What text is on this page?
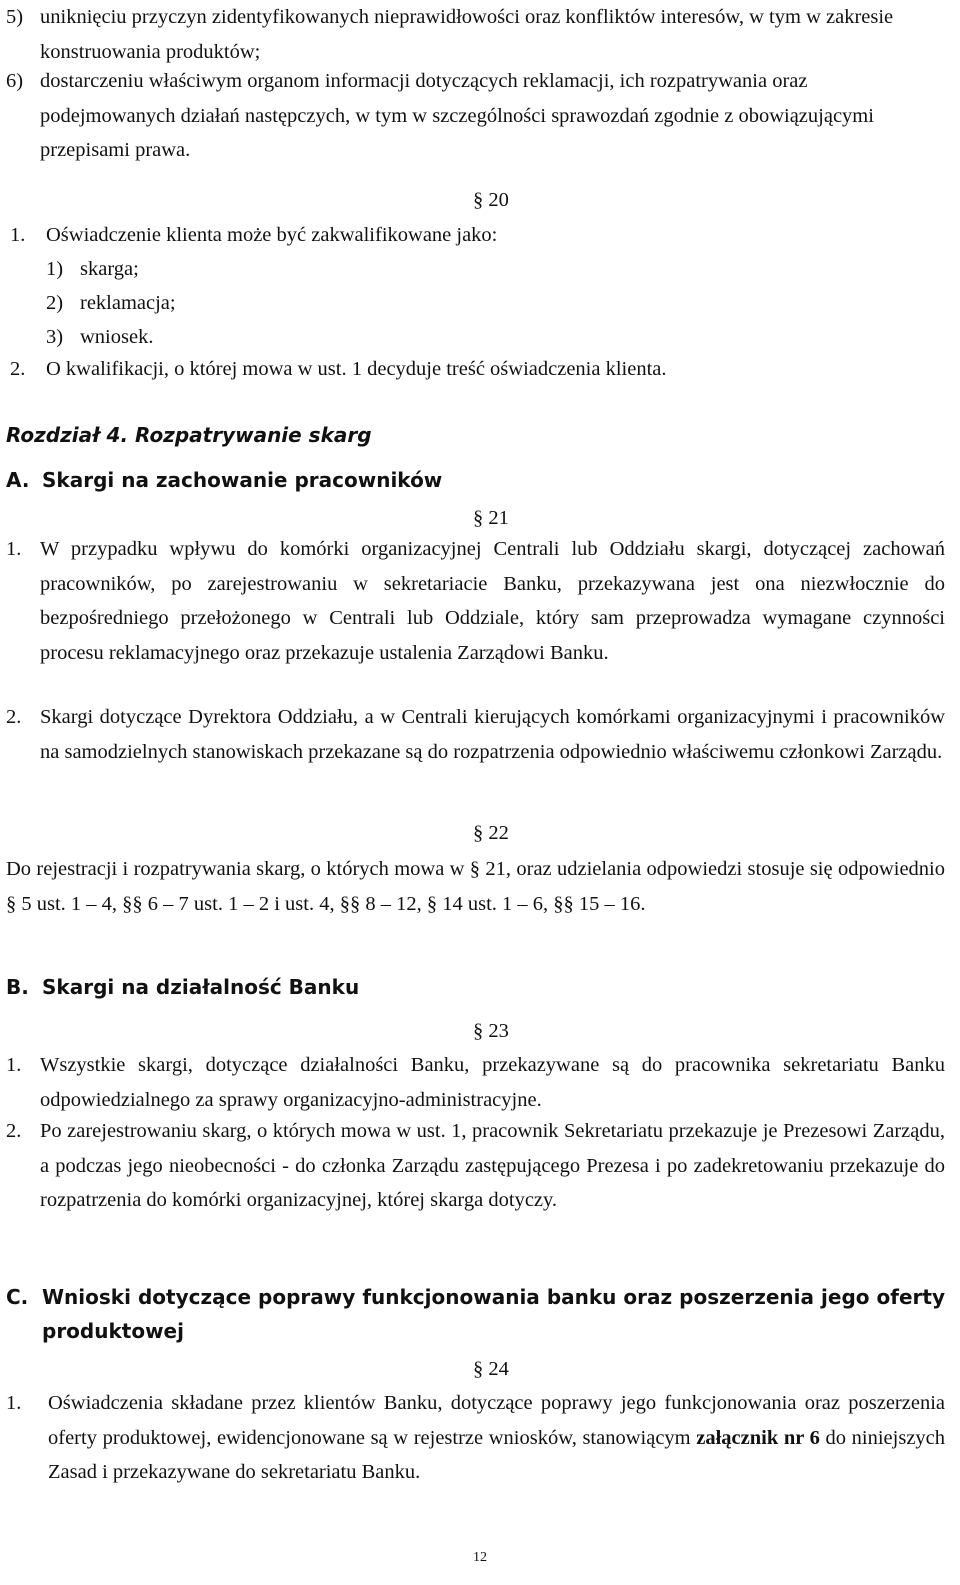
5) uniknięciu przyczyn zidentyfikowanych nieprawidłowości oraz konfliktów interesów, w tym w zakresie konstruowania produktów;
6) dostarczeniu właściwym organom informacji dotyczących reklamacji, ich rozpatrywania oraz podejmowanych działań następczych, w tym w szczególności sprawozdań zgodnie z obowiązującymi przepisami prawa.
§ 20
1. Oświadczenie klienta może być zakwalifikowane jako:
1) skarga;
2) reklamacja;
3) wniosek.
2. O kwalifikacji, o której mowa w ust. 1 decyduje treść oświadczenia klienta.
Rozdział 4. Rozpatrywanie skarg
A. Skargi na zachowanie pracowników
§ 21
1. W przypadku wpływu do komórki organizacyjnej Centrali lub Oddziału skargi, dotyczącej zachowań pracowników, po zarejestrowaniu w sekretariacie Banku, przekazywana jest ona niezwłocznie do bezpośredniego przełożonego w Centrali lub Oddziale, który sam przeprowadza wymagane czynności procesu reklamacyjnego oraz przekazuje ustalenia Zarządowi Banku.
2. Skargi dotyczące Dyrektora Oddziału, a w Centrali kierujących komórkami organizacyjnymi i pracowników na samodzielnych stanowiskach przekazane są do rozpatrzenia odpowiednio właściwemu członkowi Zarządu.
§ 22
Do rejestracji i rozpatrywania skarg, o których mowa w § 21, oraz udzielania odpowiedzi stosuje się odpowiednio § 5 ust. 1 – 4, §§ 6 – 7 ust. 1 – 2 i ust. 4, §§ 8 – 12, § 14 ust. 1 – 6, §§ 15 – 16.
B. Skargi na działalność Banku
§ 23
1. Wszystkie skargi, dotyczące działalności Banku, przekazywane są do pracownika sekretariatu Banku odpowiedzialnego za sprawy organizacyjno-administracyjne.
2. Po zarejestrowaniu skarg, o których mowa w ust. 1, pracownik Sekretariatu przekazuje je Prezesowi Zarządu, a podczas jego nieobecności - do członka Zarządu zastępującego Prezesa i po zadekretowaniu przekazuje do rozpatrzenia do komórki organizacyjnej, której skarga dotyczy.
C. Wnioski dotyczące poprawy funkcjonowania banku oraz poszerzenia jego oferty produktowej
§ 24
1. Oświadczenia składane przez klientów Banku, dotyczące poprawy jego funkcjonowania oraz poszerzenia oferty produktowej, ewidencjonowane są w rejestrze wniosków, stanowiącym załącznik nr 6 do niniejszych Zasad i przekazywane do sekretariatu Banku.
12
